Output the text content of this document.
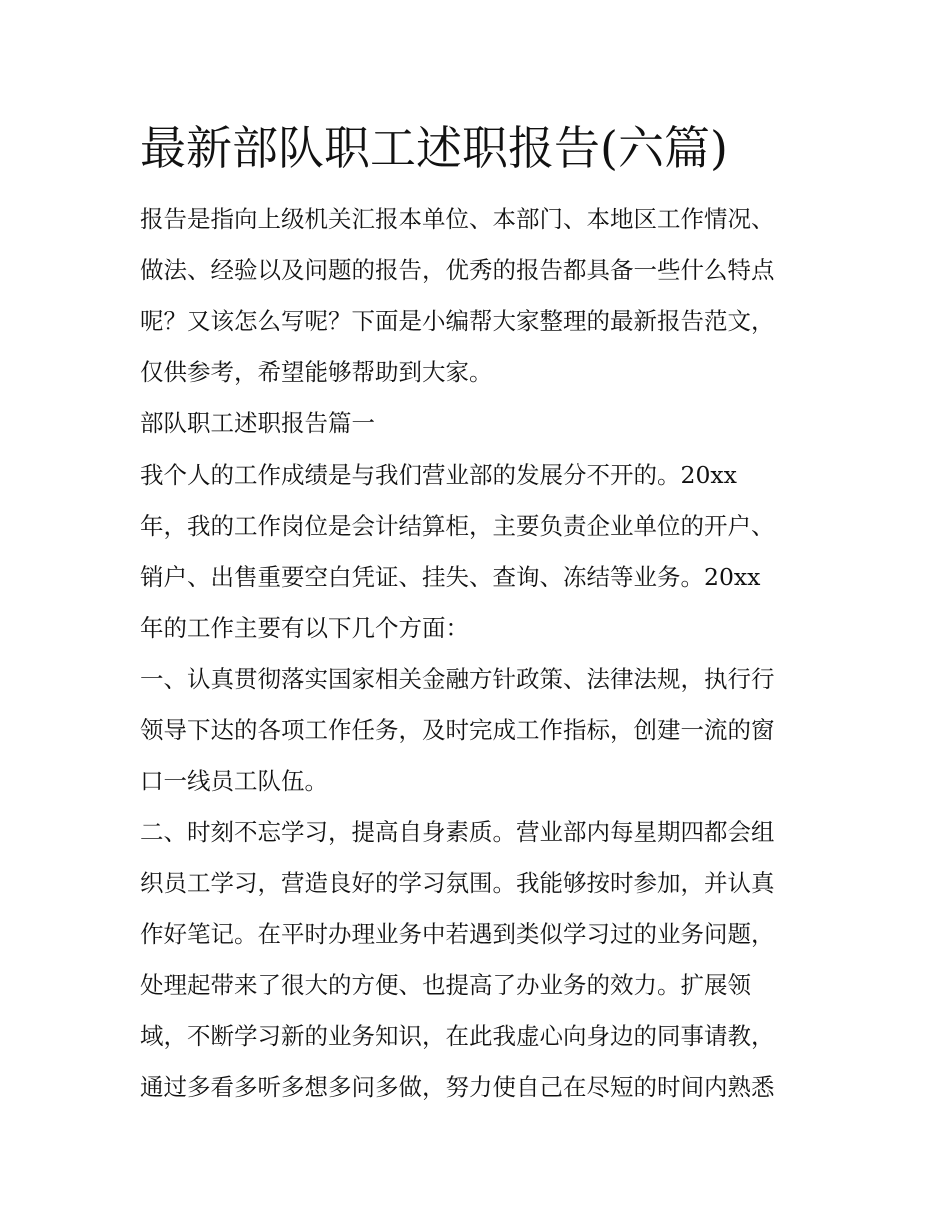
最新部队职工述职报告(六篇)
报告是指向上级机关汇报本单位、本部门、本地区工作情况、
做法、经验以及问题的报告，优秀的报告都具备一些什么特点
呢？又该怎么写呢？下面是小编帮大家整理的最新报告范文，
仅供参考，希望能够帮助到大家。
部队职工述职报告篇一
我个人的工作成绩是与我们营业部的发展分不开的。20xx
年，我的工作岗位是会计结算柜，主要负责企业单位的开户、
销户、出售重要空白凭证、挂失、查询、冻结等业务。20xx
年的工作主要有以下几个方面：
一、认真贯彻落实国家相关金融方针政策、法律法规，执行行
领导下达的各项工作任务，及时完成工作指标，创建一流的窗
口一线员工队伍。
二、时刻不忘学习，提高自身素质。营业部内每星期四都会组
织员工学习，营造良好的学习氛围。我能够按时参加，并认真
作好笔记。在平时办理业务中若遇到类似学习过的业务问题，
处理起带来了很大的方便、也提高了办业务的效力。扩展领
域，不断学习新的业务知识，在此我虚心向身边的同事请教，
通过多看多听多想多问多做，努力使自己在尽短的时间内熟悉
